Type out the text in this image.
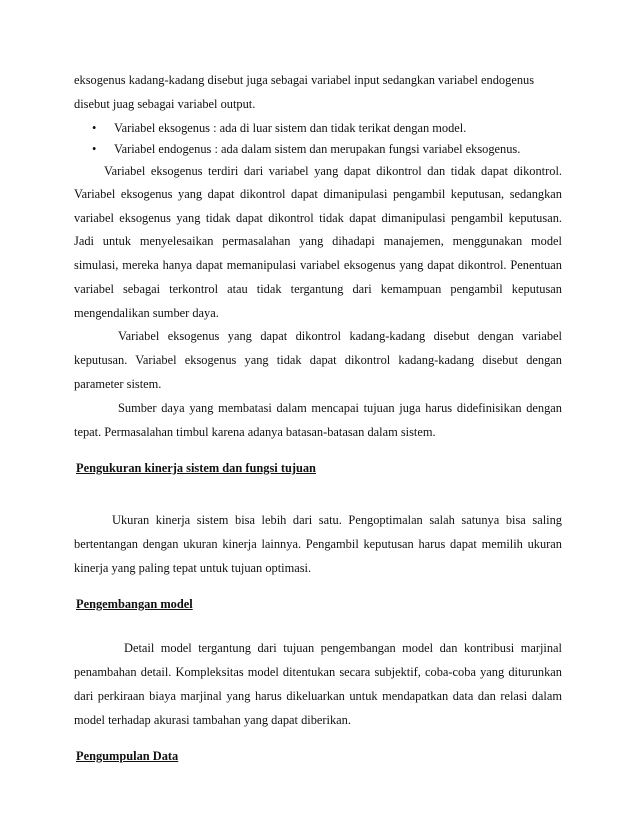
eksogenus kadang-kadang disebut juga sebagai variabel input sedangkan variabel endogenus
disebut juag sebagai variabel output.
• Variabel eksogenus : ada di luar sistem dan tidak terikat dengan model.
• Variabel endogenus : ada dalam sistem dan merupakan fungsi variabel eksogenus.
Variabel eksogenus terdiri dari variabel yang dapat dikontrol dan tidak dapat dikontrol.
Variabel eksogenus yang dapat dikontrol dapat dimanipulasi pengambil keputusan, sedangkan
variabel eksogenus yang tidak dapat dikontrol tidak dapat dimanipulasi pengambil keputusan.
Jadi untuk menyelesaikan permasalahan yang dihadapi manajemen, menggunakan model
simulasi, mereka hanya dapat memanipulasi variabel eksogenus yang dapat dikontrol. Penentuan
variabel sebagai terkontrol atau tidak tergantung dari kemampuan pengambil keputusan
mengendalikan sumber daya.
Variabel eksogenus yang dapat dikontrol kadang-kadang disebut dengan variabel
keputusan. Variabel eksogenus yang tidak dapat dikontrol kadang-kadang disebut dengan
parameter sistem.
Sumber daya yang membatasi dalam mencapai tujuan juga harus didefinisikan dengan
tepat. Permasalahan timbul karena adanya batasan-batasan dalam sistem.
Pengukuran kinerja sistem dan fungsi tujuan
Ukuran kinerja sistem bisa lebih dari satu. Pengoptimalan salah satunya bisa saling
bertentangan dengan ukuran kinerja lainnya. Pengambil keputusan harus dapat memilih ukuran
kinerja yang paling tepat untuk tujuan optimasi.
Pengembangan model
Detail model tergantung dari tujuan pengembangan model dan kontribusi marjinal
penambahan detail. Kompleksitas model ditentukan secara subjektif, coba-coba yang diturunkan
dari perkiraan biaya marjinal yang harus dikeluarkan untuk mendapatkan data dan relasi dalam
model terhadap akurasi tambahan yang dapat diberikan.
Pengumpulan Data
